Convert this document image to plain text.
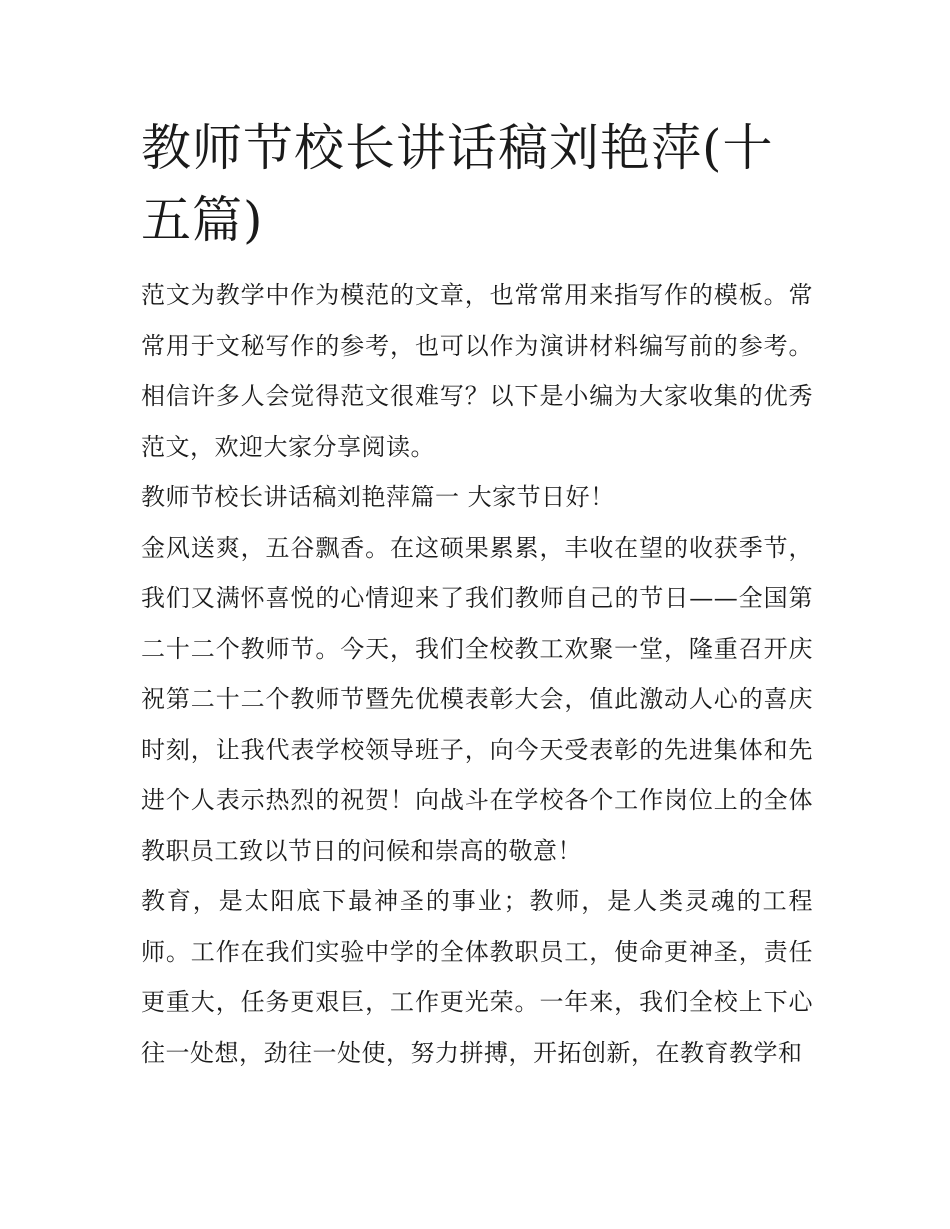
教师节校长讲话稿刘艳萍(十五篇)

范文为教学中作为模范的文章，也常常用来指写作的模板。常常用于文秘写作的参考，也可以作为演讲材料编写前的参考。相信许多人会觉得范文很难写？以下是小编为大家收集的优秀范文，欢迎大家分享阅读。

教师节校长讲话稿刘艳萍篇一 大家节日好！

金风送爽，五谷飘香。在这硕果累累，丰收在望的收获季节，我们又满怀喜悦的心情迎来了我们教师自己的节日——全国第二十二个教师节。今天，我们全校教工欢聚一堂，隆重召开庆祝第二十二个教师节暨先优模表彰大会，值此激动人心的喜庆时刻，让我代表学校领导班子，向今天受表彰的先进集体和先进个人表示热烈的祝贺！向战斗在学校各个工作岗位上的全体教职员工致以节日的问候和崇高的敬意！

教育，是太阳底下最神圣的事业；教师，是人类灵魂的工程师。工作在我们实验中学的全体教职员工，使命更神圣，责任更重大，任务更艰巨，工作更光荣。一年来，我们全校上下心往一处想，劲往一处使，努力拼搏，开拓创新，在教育教学和
